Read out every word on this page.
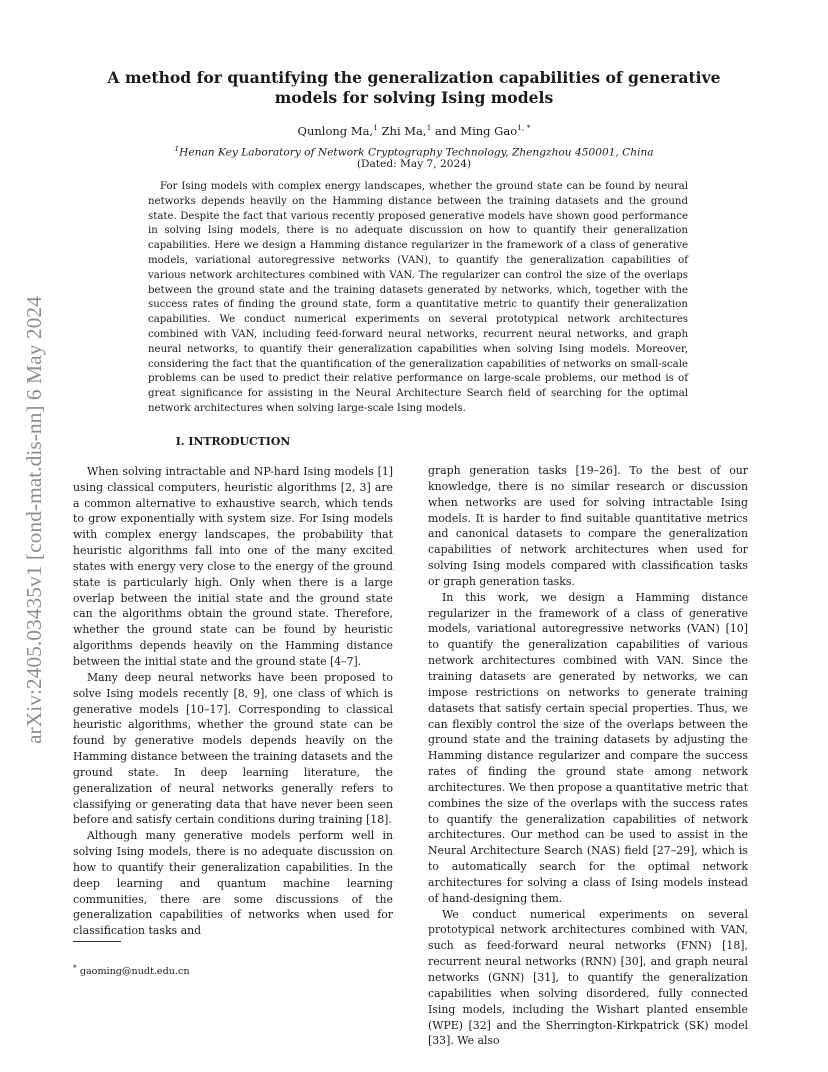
arXiv:2405.03435v1 [cond-mat.dis-nn] 6 May 2024
A method for quantifying the generalization capabilities of generative models for solving Ising models
Qunlong Ma,$^1$ Zhi Ma,$^1$ and Ming Gao$^{1, *}$
$^1$Henan Key Laboratory of Network Cryptography Technology, Zhengzhou 450001, China
(Dated: May 7, 2024)

For Ising models with complex energy landscapes, whether the ground state can be found by neural networks depends heavily on the Hamming distance between the training datasets and the ground state. Despite the fact that various recently proposed generative models have shown good performance in solving Ising models, there is no adequate discussion on how to quantify their generalization capabilities. Here we design a Hamming distance regularizer in the framework of a class of generative models, variational autoregressive networks (VAN), to quantify the generalization capabilities of various network architectures combined with VAN. The regularizer can control the size of the overlaps between the ground state and the training datasets generated by networks, which, together with the success rates of finding the ground state, form a quantitative metric to quantify their generalization capabilities. We conduct numerical experiments on several prototypical network architectures combined with VAN, including feed-forward neural networks, recurrent neural networks, and graph neural networks, to quantify their generalization capabilities when solving Ising models. Moreover, considering the fact that the quantification of the generalization capabilities of networks on small-scale problems can be used to predict their relative performance on large-scale problems, our method is of great significance for assisting in the Neural Architecture Search field of searching for the optimal network architectures when solving large-scale Ising models.

I. INTRODUCTION

When solving intractable and NP-hard Ising models [1] using classical computers, heuristic algorithms [2, 3] are a common alternative to exhaustive search, which tends to grow exponentially with system size. For Ising models with complex energy landscapes, the probability that heuristic algorithms fall into one of the many excited states with energy very close to the energy of the ground state is particularly high. Only when there is a large overlap between the initial state and the ground state can the algorithms obtain the ground state. Therefore, whether the ground state can be found by heuristic algorithms depends heavily on the Hamming distance between the initial state and the ground state [4–7].

Many deep neural networks have been proposed to solve Ising models recently [8, 9], one class of which is generative models [10–17]. Corresponding to classical heuristic algorithms, whether the ground state can be found by generative models depends heavily on the Hamming distance between the training datasets and the ground state. In deep learning literature, the generalization of neural networks generally refers to classifying or generating data that have never been seen before and satisfy certain conditions during training [18].

Although many generative models perform well in solving Ising models, there is no adequate discussion on how to quantify their generalization capabilities. In the deep learning and quantum machine learning communities, there are some discussions of the generalization capabilities of networks when used for classification tasks and

graph generation tasks [19–26]. To the best of our knowledge, there is no similar research or discussion when networks are used for solving intractable Ising models. It is harder to find suitable quantitative metrics and canonical datasets to compare the generalization capabilities of network architectures when used for solving Ising models compared with classification tasks or graph generation tasks.

In this work, we design a Hamming distance regularizer in the framework of a class of generative models, variational autoregressive networks (VAN) [10] to quantify the generalization capabilities of various network architectures combined with VAN. Since the training datasets are generated by networks, we can impose restrictions on networks to generate training datasets that satisfy certain special properties. Thus, we can flexibly control the size of the overlaps between the ground state and the training datasets by adjusting the Hamming distance regularizer and compare the success rates of finding the ground state among network architectures. We then propose a quantitative metric that combines the size of the overlaps with the success rates to quantify the generalization capabilities of network architectures. Our method can be used to assist in the Neural Architecture Search (NAS) field [27–29], which is to automatically search for the optimal network architectures for solving a class of Ising models instead of hand-designing them.

We conduct numerical experiments on several prototypical network architectures combined with VAN, such as feed-forward neural networks (FNN) [18], recurrent neural networks (RNN) [30], and graph neural networks (GNN) [31], to quantify the generalization capabilities when solving disordered, fully connected Ising models, including the Wishart planted ensemble (WPE) [32] and the Sherrington-Kirkpatrick (SK) model [33]. We also

* gaoming@nudt.edu.cn
